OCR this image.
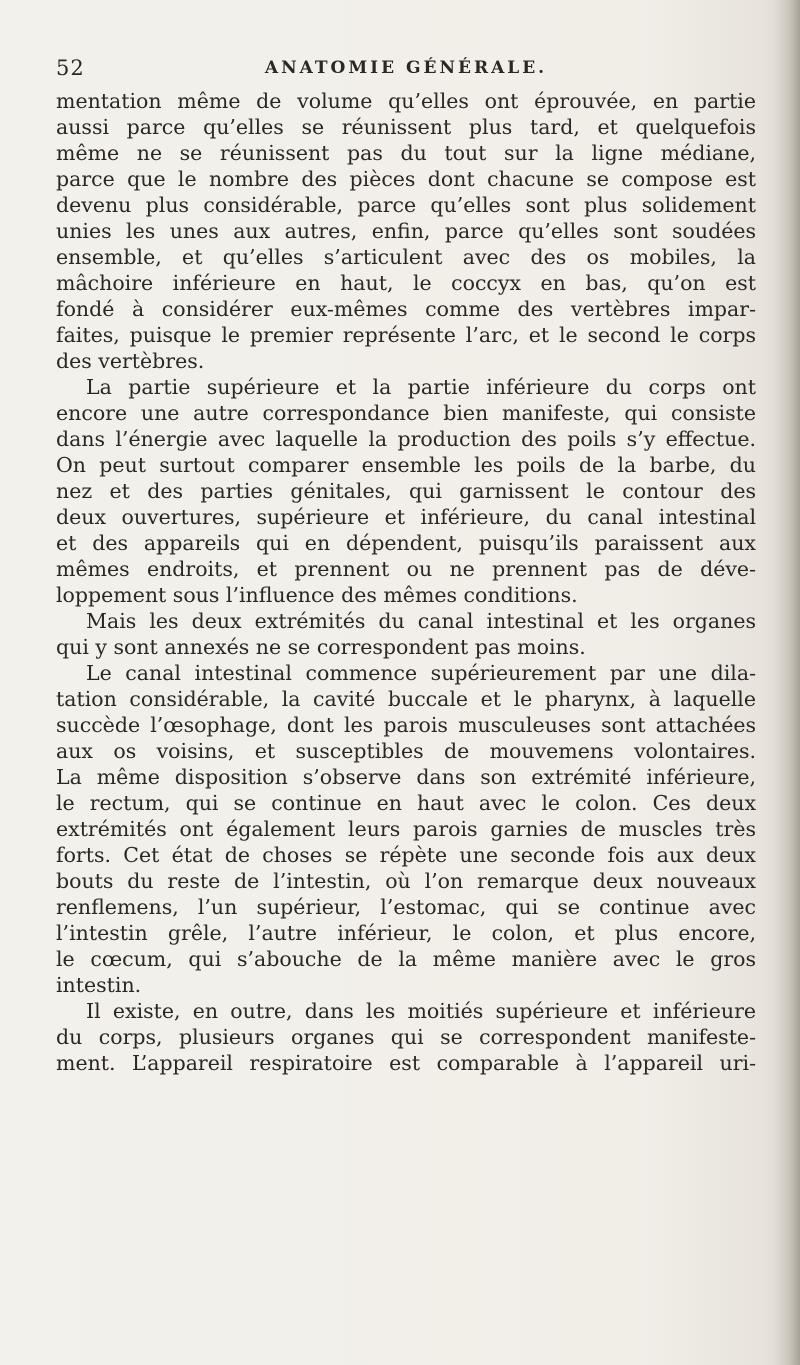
52	ANATOMIE GÉNÉRALE.
mentation même de volume qu’elles ont éprouvée, en partie
aussi parce qu’elles se réunissent plus tard, et quelquefois
même ne se réunissent pas du tout sur la ligne médiane,
parce que le nombre des pièces dont chacune se compose est
devenu plus considérable, parce qu’elles sont plus solidement
unies les unes aux autres, enfin, parce qu’elles sont soudées
ensemble, et qu’elles s’articulent avec des os mobiles, la
mâchoire inférieure en haut, le coccyx en bas, qu’on est
fondé à considérer eux-mêmes comme des vertèbres impar-
faites, puisque le premier représente l’arc, et le second le corps
des vertèbres.
La partie supérieure et la partie inférieure du corps ont
encore une autre correspondance bien manifeste, qui consiste
dans l’énergie avec laquelle la production des poils s’y effectue.
On peut surtout comparer ensemble les poils de la barbe, du
nez et des parties génitales, qui garnissent le contour des
deux ouvertures, supérieure et inférieure, du canal intestinal
et des appareils qui en dépendent, puisqu’ils paraissent aux
mêmes endroits, et prennent ou ne prennent pas de déve-
loppement sous l’influence des mêmes conditions.
Mais les deux extrémités du canal intestinal et les organes
qui y sont annexés ne se correspondent pas moins.
Le canal intestinal commence supérieurement par une dila-
tation considérable, la cavité buccale et le pharynx, à laquelle
succède l’œsophage, dont les parois musculeuses sont attachées
aux os voisins, et susceptibles de mouvemens volontaires.
La même disposition s’observe dans son extrémité inférieure,
le rectum, qui se continue en haut avec le colon. Ces deux
extrémités ont également leurs parois garnies de muscles très
forts. Cet état de choses se répète une seconde fois aux deux
bouts du reste de l’intestin, où l’on remarque deux nouveaux
renflemens, l’un supérieur, l’estomac, qui se continue avec
l’intestin grêle, l’autre inférieur, le colon, et plus encore,
le cœcum, qui s’abouche de la même manière avec le gros
intestin.
Il existe, en outre, dans les moitiés supérieure et inférieure
du corps, plusieurs organes qui se correspondent manifeste-
ment. L’appareil respiratoire est comparable à l’appareil uri-
